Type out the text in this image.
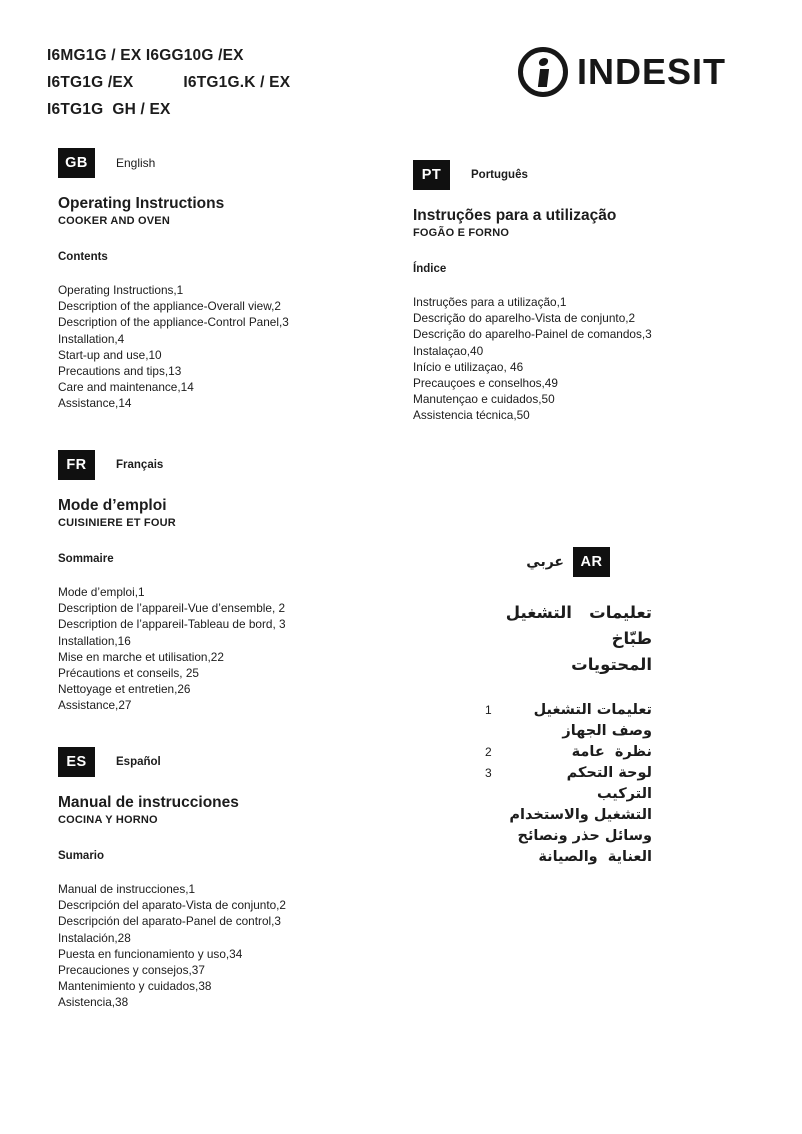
I6MG1G / EX I6GG10G /EX
I6TG1G /EX	I6TG1G.K / EX
I6TG1G  GH / EX
INDESIT
GB	English
Operating Instructions
COOKER AND OVEN
Contents
Operating Instructions,1
Description of the appliance-Overall view,2
Description of the appliance-Control Panel,3
Installation,4
Start-up and use,10
Precautions and tips,13
Care and maintenance,14
Assistance,14
PT	Português
Instruções para a utilização
FOGÃO E FORNO
Índice
Instruções para a utilização,1
Descrição do aparelho-Vista de conjunto,2
Descrição do aparelho-Painel de comandos,3
Instalaçao,40
Início e utilizaçao, 46
Precauçoes e conselhos,49
Manutençao e cuidados,50
Assistencia técnica,50
FR	Français
Mode d’emploi
CUISINIERE ET FOUR
Sommaire
Mode d’emploi,1
Description de l’appareil-Vue d’ensemble, 2
Description de l’appareil-Tableau de bord, 3
Installation,16
Mise en marche et utilisation,22
Précautions et conseils, 25
Nettoyage et entretien,26
Assistance,27
ES	Español
Manual de instrucciones
COCINA Y HORNO
Sumario
Manual de instrucciones,1
Descripción del aparato-Vista de conjunto,2
Descripción del aparato-Panel de control,3
Instalación,28
Puesta en funcionamiento y uso,34
Precauciones y consejos,37
Mantenimiento y cuidados,38
Asistencia,38
عربي	AR
تعليمات   التشغيل
طبّاخ
المحتويات
1	تعليمات التشغيل
وصف الجهاز
2	نظرة  عامة
3	لوحة التحكم
التركيب
التشغيل والاستخدام
وسائل حذر ونصائح
العناية  والصيانة
